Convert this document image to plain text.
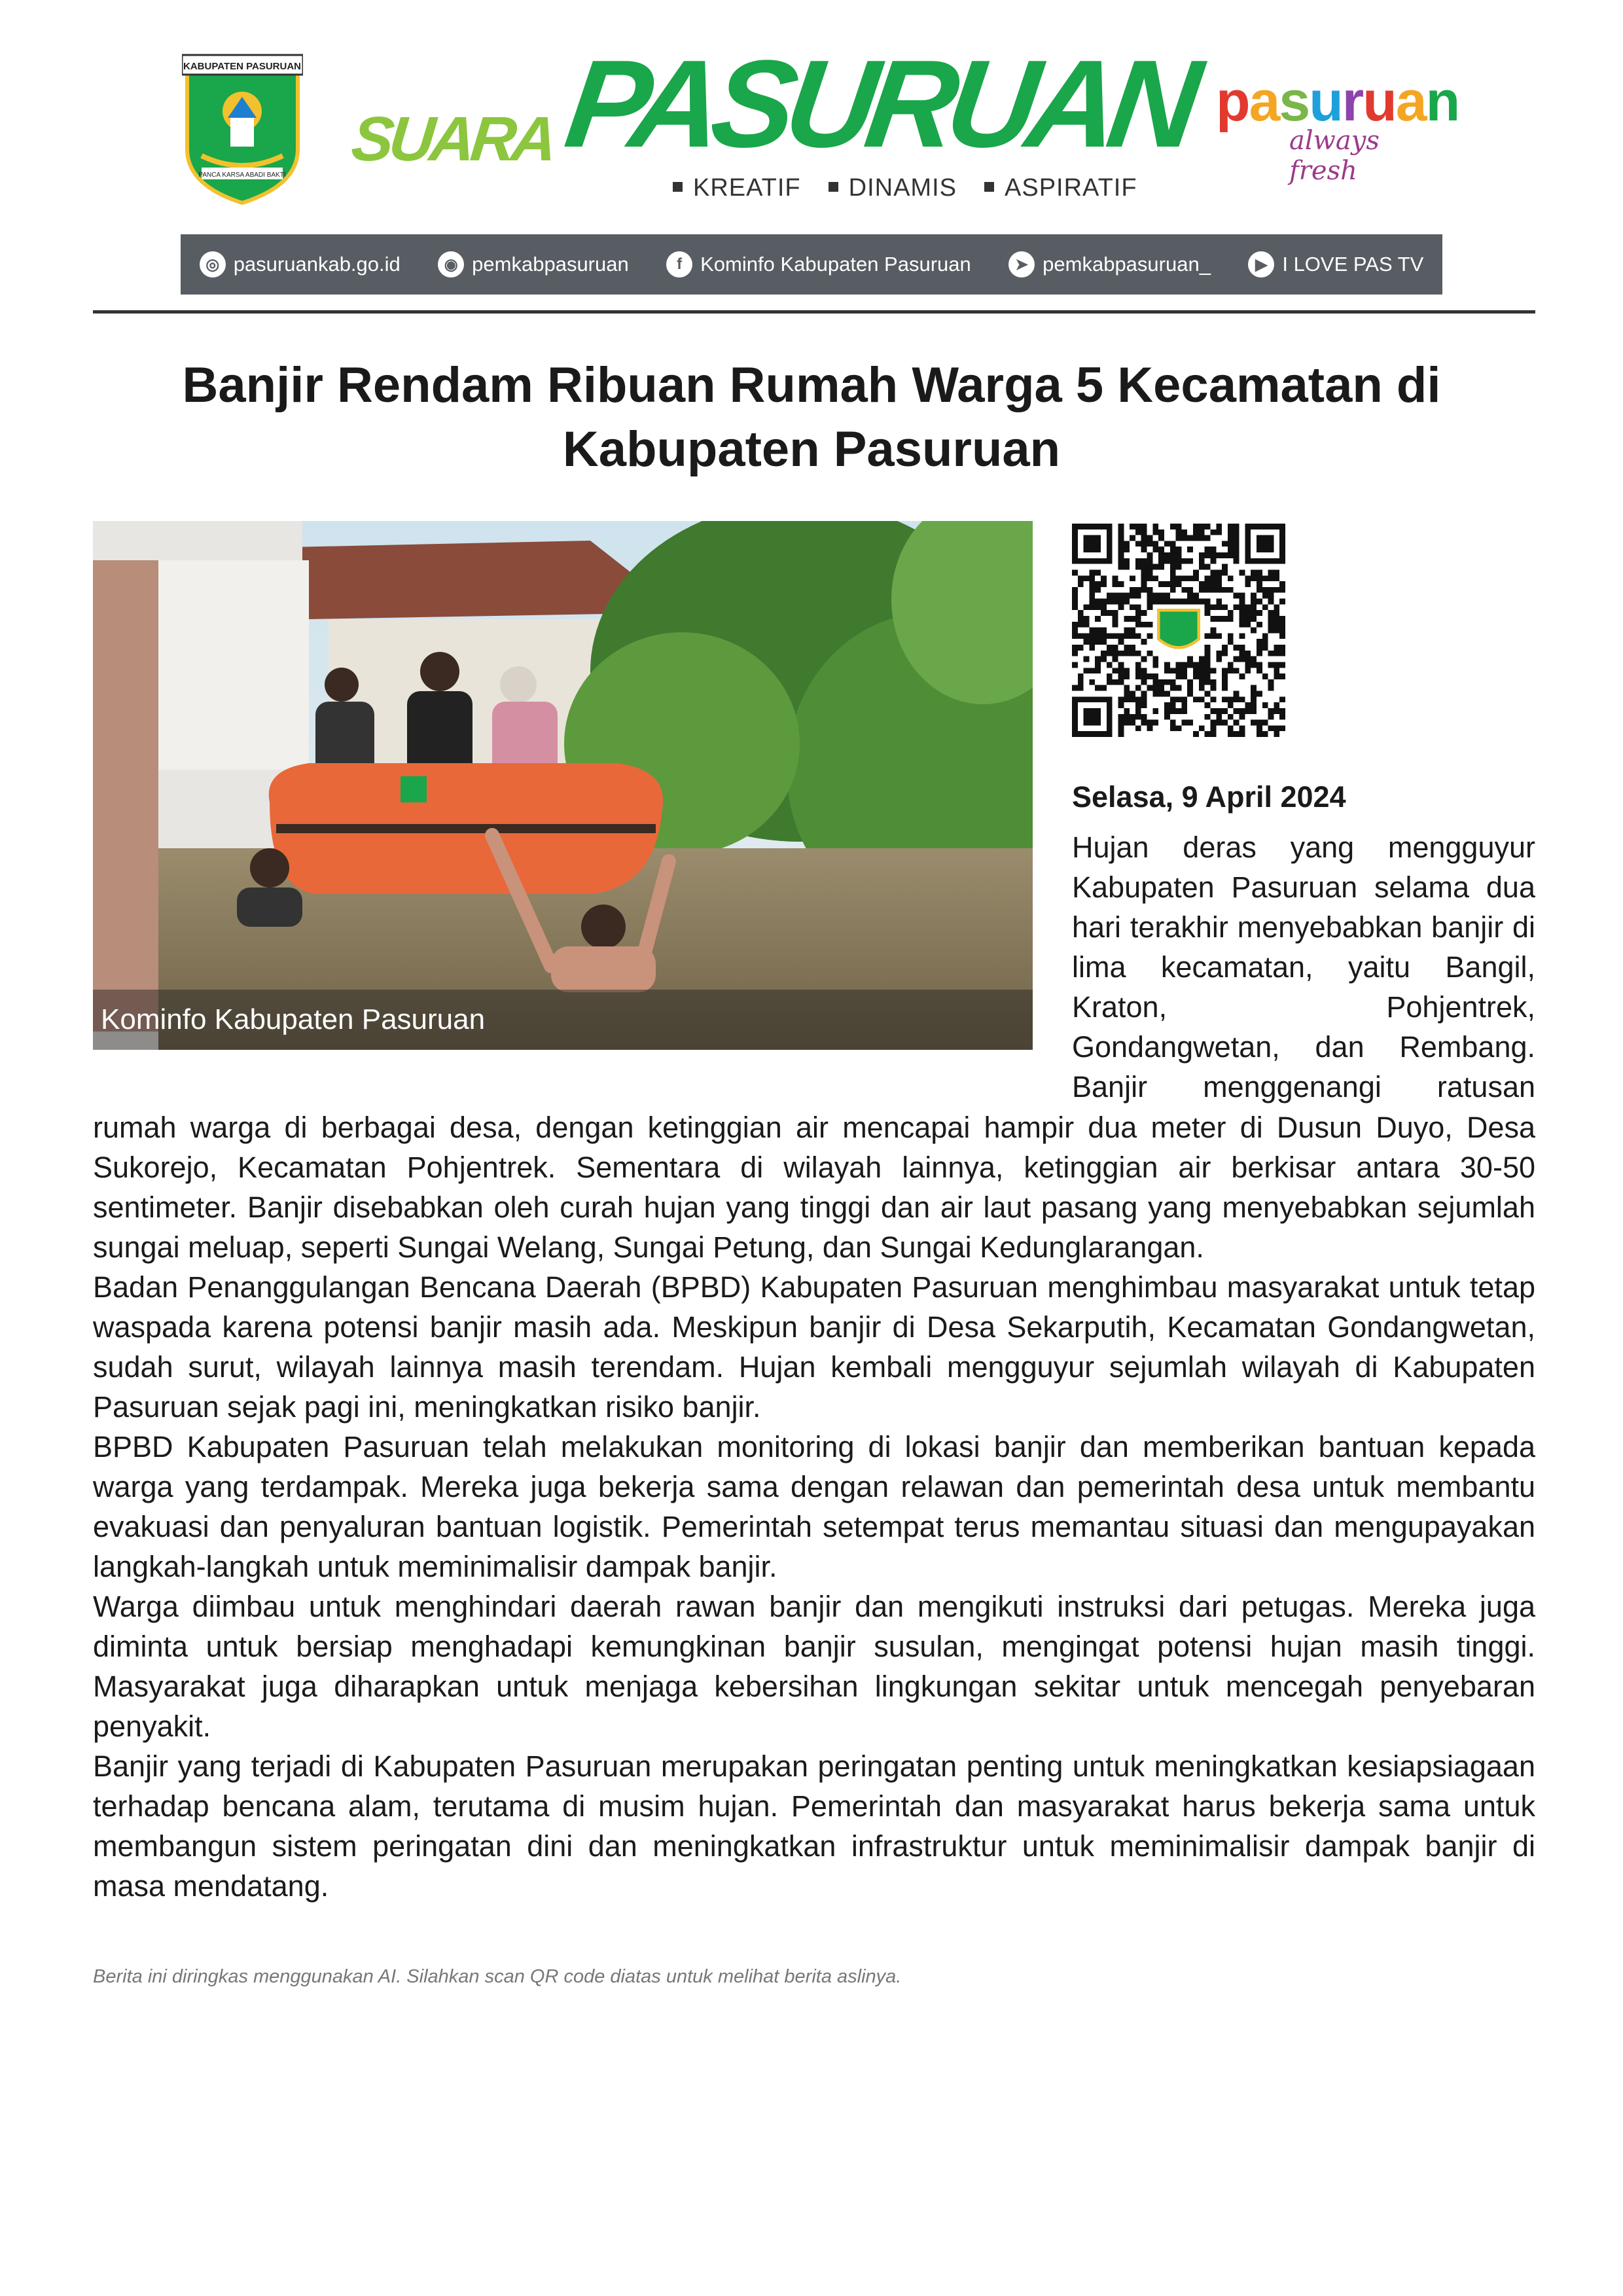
KABUPATEN PASURUAN
PANCA KARSA ABADI BAKTI
SUARA PASURUAN
KREATIF	DINAMIS	ASPIRATIF
pasuruan
always fresh
◎ pasuruankab.go.id	◉ pemkabpasuruan	f Kominfo Kabupaten Pasuruan	➤ pemkabpasuruan_	▶ I LOVE PAS TV
Banjir Rendam Ribuan Rumah Warga 5 Kecamatan di
Kabupaten Pasuruan
Kominfo Kabupaten Pasuruan

Selasa, 9 April 2024

Hujan deras yang mengguyur Kabupaten Pasuruan selama dua hari terakhir menyebabkan banjir di lima kecamatan, yaitu Bangil, Kraton, Pohjentrek, Gondangwetan, dan Rembang. Banjir menggenangi ratusan

rumah warga di berbagai desa, dengan ketinggian air mencapai hampir dua meter di Dusun Duyo, Desa Sukorejo, Kecamatan Pohjentrek. Sementara di wilayah lainnya, ketinggian air berkisar antara 30-50 sentimeter. Banjir disebabkan oleh curah hujan yang tinggi dan air laut pasang yang menyebabkan sejumlah sungai meluap, seperti Sungai Welang, Sungai Petung, dan Sungai Kedunglarangan.

Badan Penanggulangan Bencana Daerah (BPBD) Kabupaten Pasuruan menghimbau masyarakat untuk tetap waspada karena potensi banjir masih ada. Meskipun banjir di Desa Sekarputih, Kecamatan Gondangwetan, sudah surut, wilayah lainnya masih terendam. Hujan kembali mengguyur sejumlah wilayah di Kabupaten Pasuruan sejak pagi ini, meningkatkan risiko banjir.

BPBD Kabupaten Pasuruan telah melakukan monitoring di lokasi banjir dan memberikan bantuan kepada warga yang terdampak. Mereka juga bekerja sama dengan relawan dan pemerintah desa untuk membantu evakuasi dan penyaluran bantuan logistik. Pemerintah setempat terus memantau situasi dan mengupayakan langkah-langkah untuk meminimalisir dampak banjir.

Warga diimbau untuk menghindari daerah rawan banjir dan mengikuti instruksi dari petugas. Mereka juga diminta untuk bersiap menghadapi kemungkinan banjir susulan, mengingat potensi hujan masih tinggi. Masyarakat juga diharapkan untuk menjaga kebersihan lingkungan sekitar untuk mencegah penyebaran penyakit.

Banjir yang terjadi di Kabupaten Pasuruan merupakan peringatan penting untuk meningkatkan kesiapsiagaan terhadap bencana alam, terutama di musim hujan. Pemerintah dan masyarakat harus bekerja sama untuk membangun sistem peringatan dini dan meningkatkan infrastruktur untuk meminimalisir dampak banjir di masa mendatang.

Berita ini diringkas menggunakan AI. Silahkan scan QR code diatas untuk melihat berita aslinya.
